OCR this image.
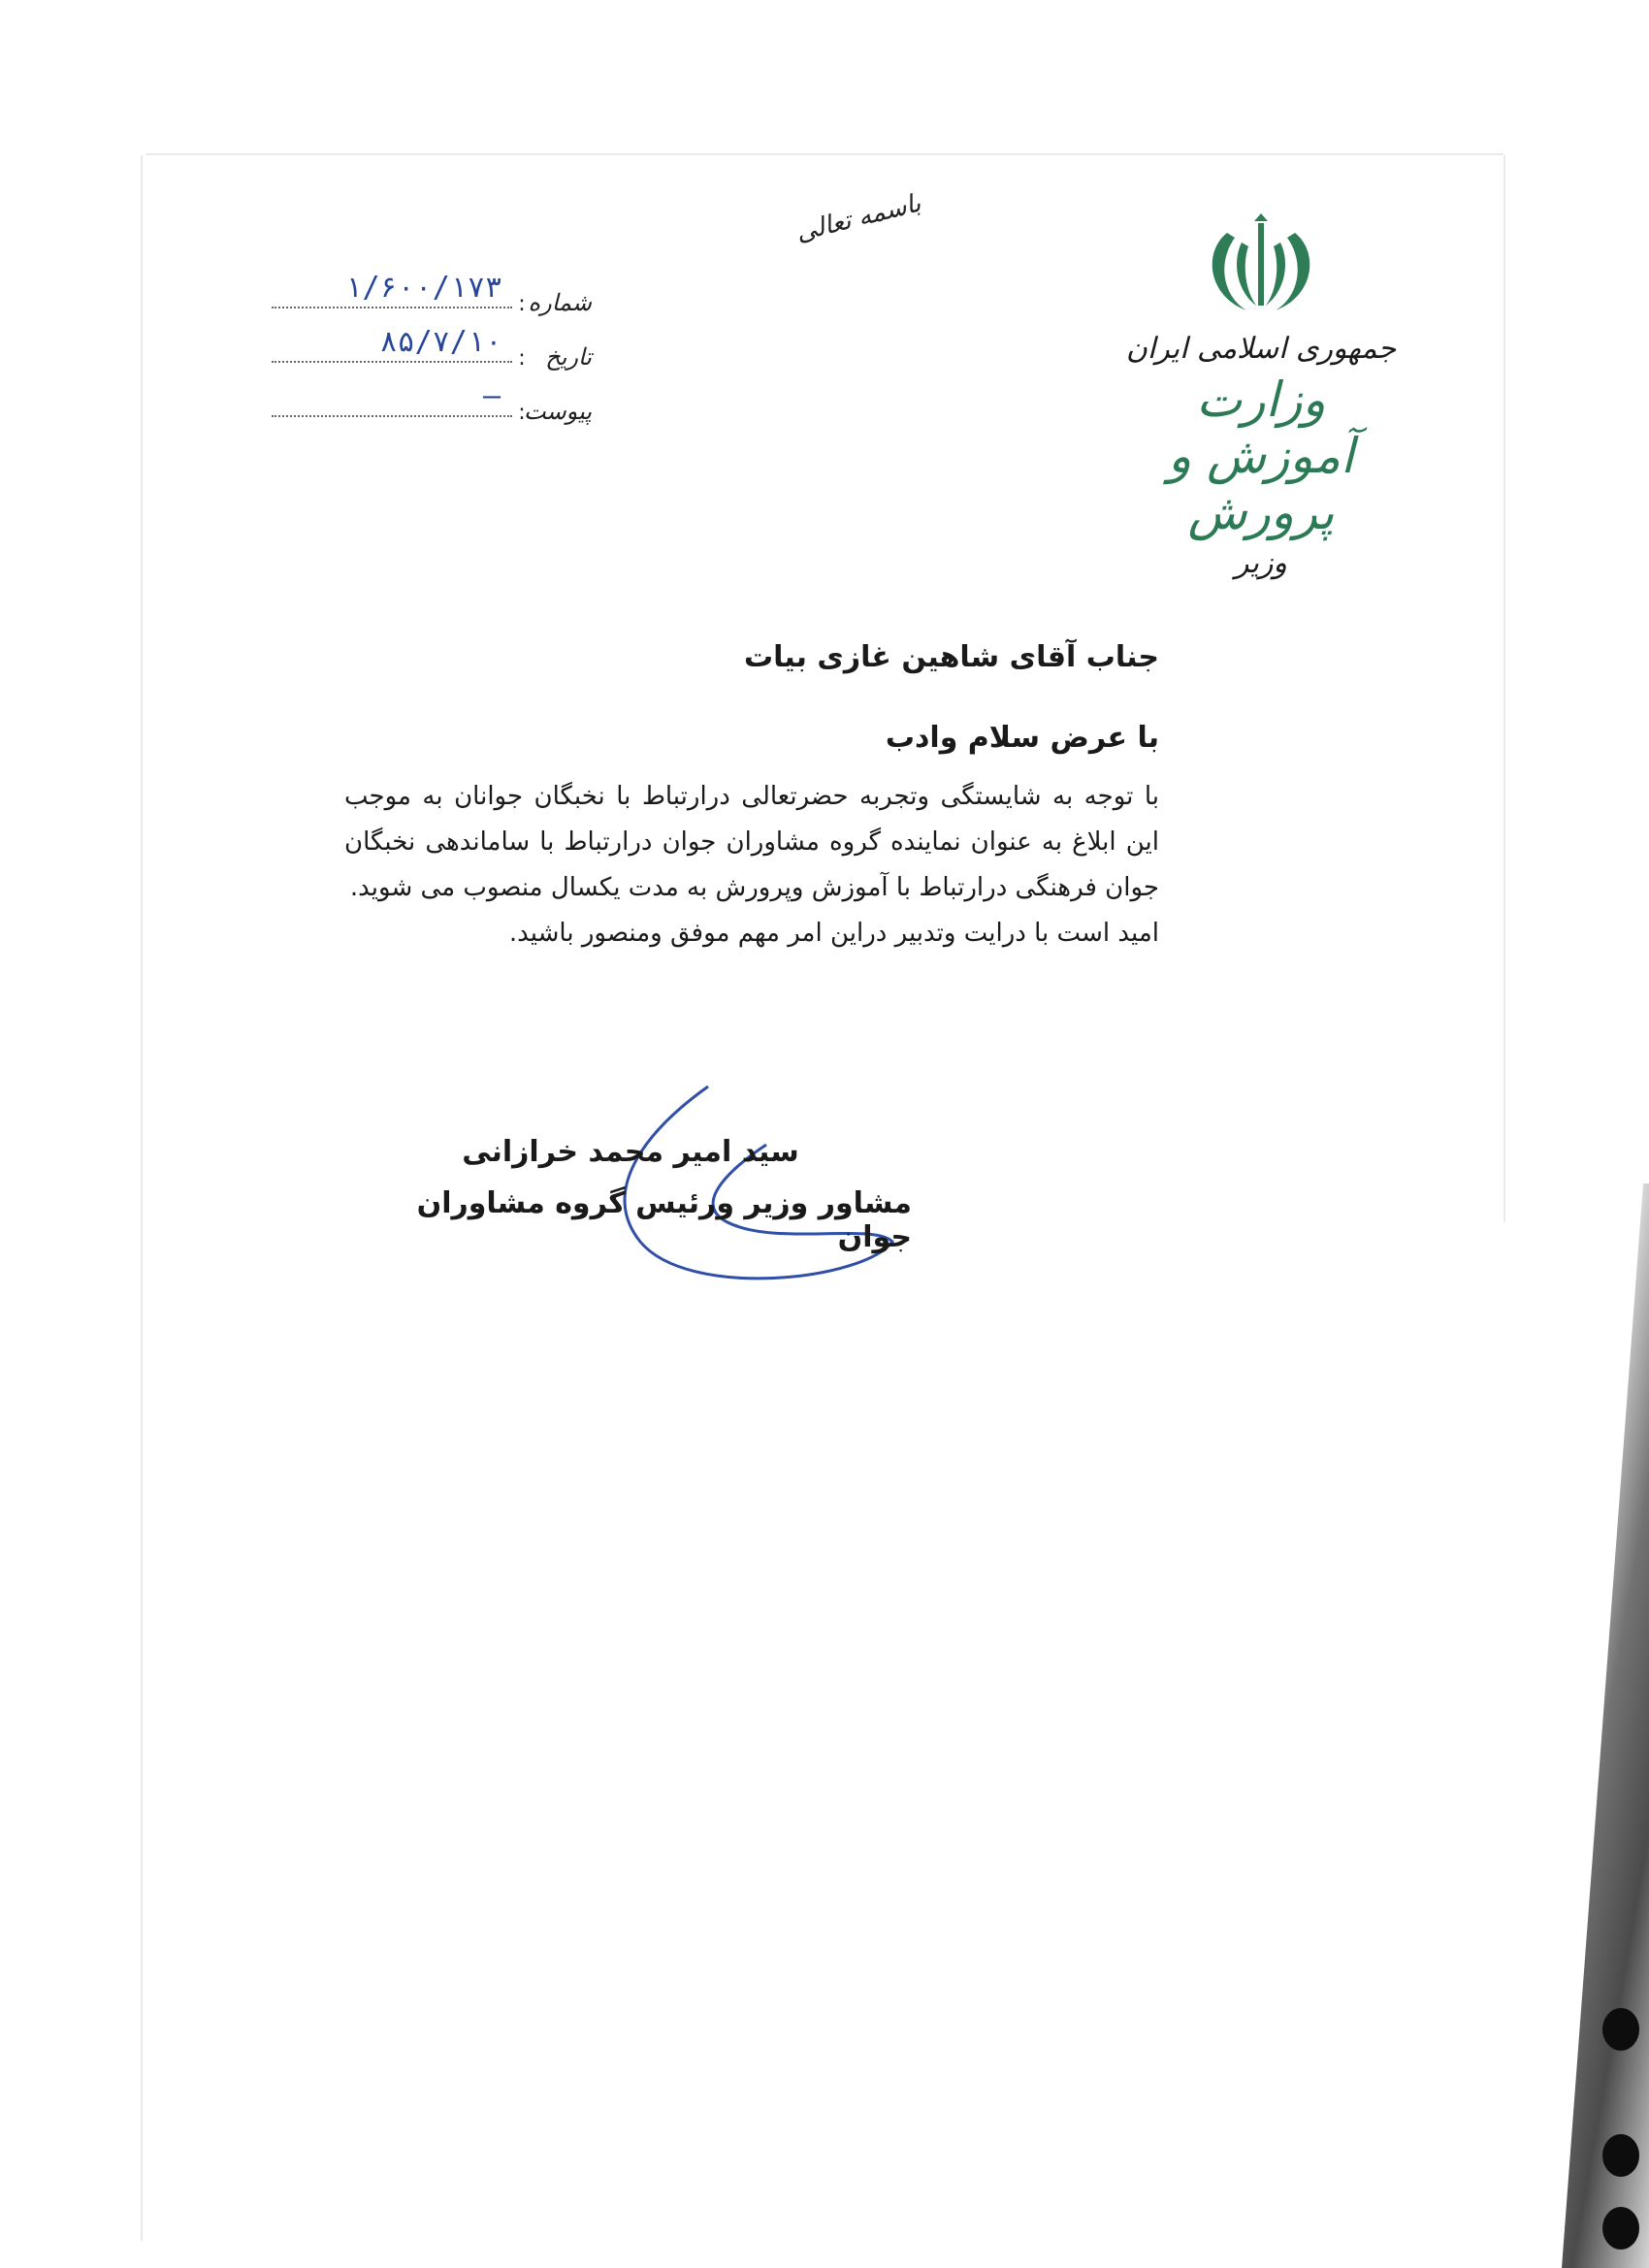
جمهوری اسلامی ایران
وزارت آموزش و پرورش
وزیر
باسمه تعالی
شماره
:
۱/۶۰۰/۱۷۳
تاریخ
:
۸۵/۷/۱۰
پیوست
:
—
جناب آقای شاهین غازی بیات
با عرض سلام وادب

با توجه به شایستگی وتجربه حضرتعالی درارتباط با نخبگان جوانان به موجب این ابلاغ به عنوان نماینده گروه مشاوران جوان درارتباط با ساماندهی نخبگان جوان فرهنگی درارتباط با آموزش وپرورش به مدت یکسال منصوب می شوید.

امید است با درایت وتدبیر دراین امر مهم موفق ومنصور باشید.

سید امیر محمد خرازانی
مشاور وزیر ورئیس گروه مشاوران جوان
